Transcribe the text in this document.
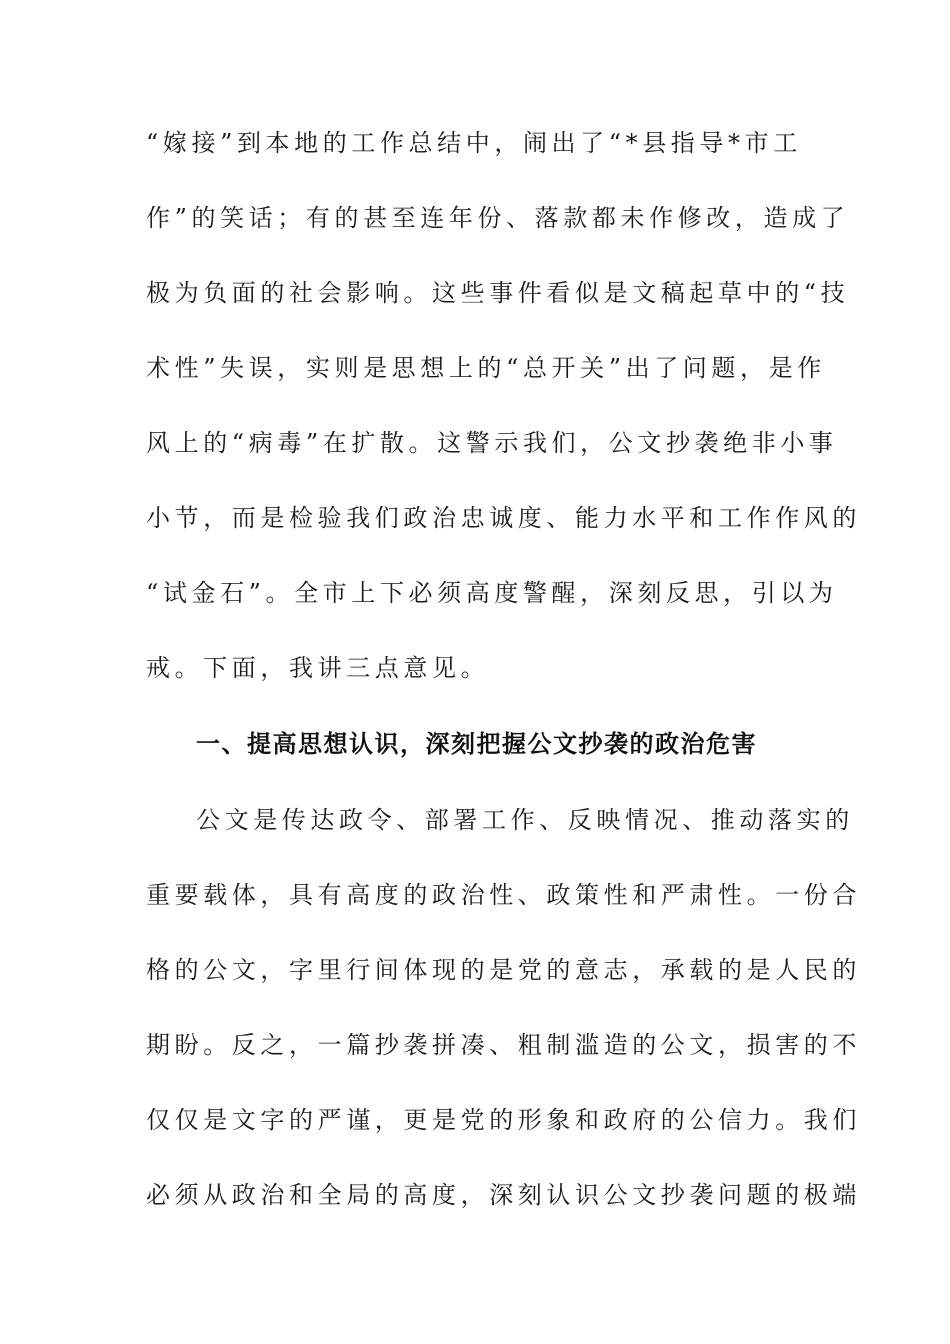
“嫁接”到本地的工作总结中，闹出了“*县指导*市工
作”的笑话；有的甚至连年份、落款都未作修改，造成了
极为负面的社会影响。这些事件看似是文稿起草中的“技
术性”失误，实则是思想上的“总开关”出了问题，是作
风上的“病毒”在扩散。这警示我们，公文抄袭绝非小事
小节，而是检验我们政治忠诚度、能力水平和工作作风的
“试金石”。全市上下必须高度警醒，深刻反思，引以为
戒。下面，我讲三点意见。
一、提高思想认识，深刻把握公文抄袭的政治危害
公文是传达政令、部署工作、反映情况、推动落实的
重要载体，具有高度的政治性、政策性和严肃性。一份合
格的公文，字里行间体现的是党的意志，承载的是人民的
期盼。反之，一篇抄袭拼凑、粗制滥造的公文，损害的不
仅仅是文字的严谨，更是党的形象和政府的公信力。我们
必须从政治和全局的高度，深刻认识公文抄袭问题的极端
